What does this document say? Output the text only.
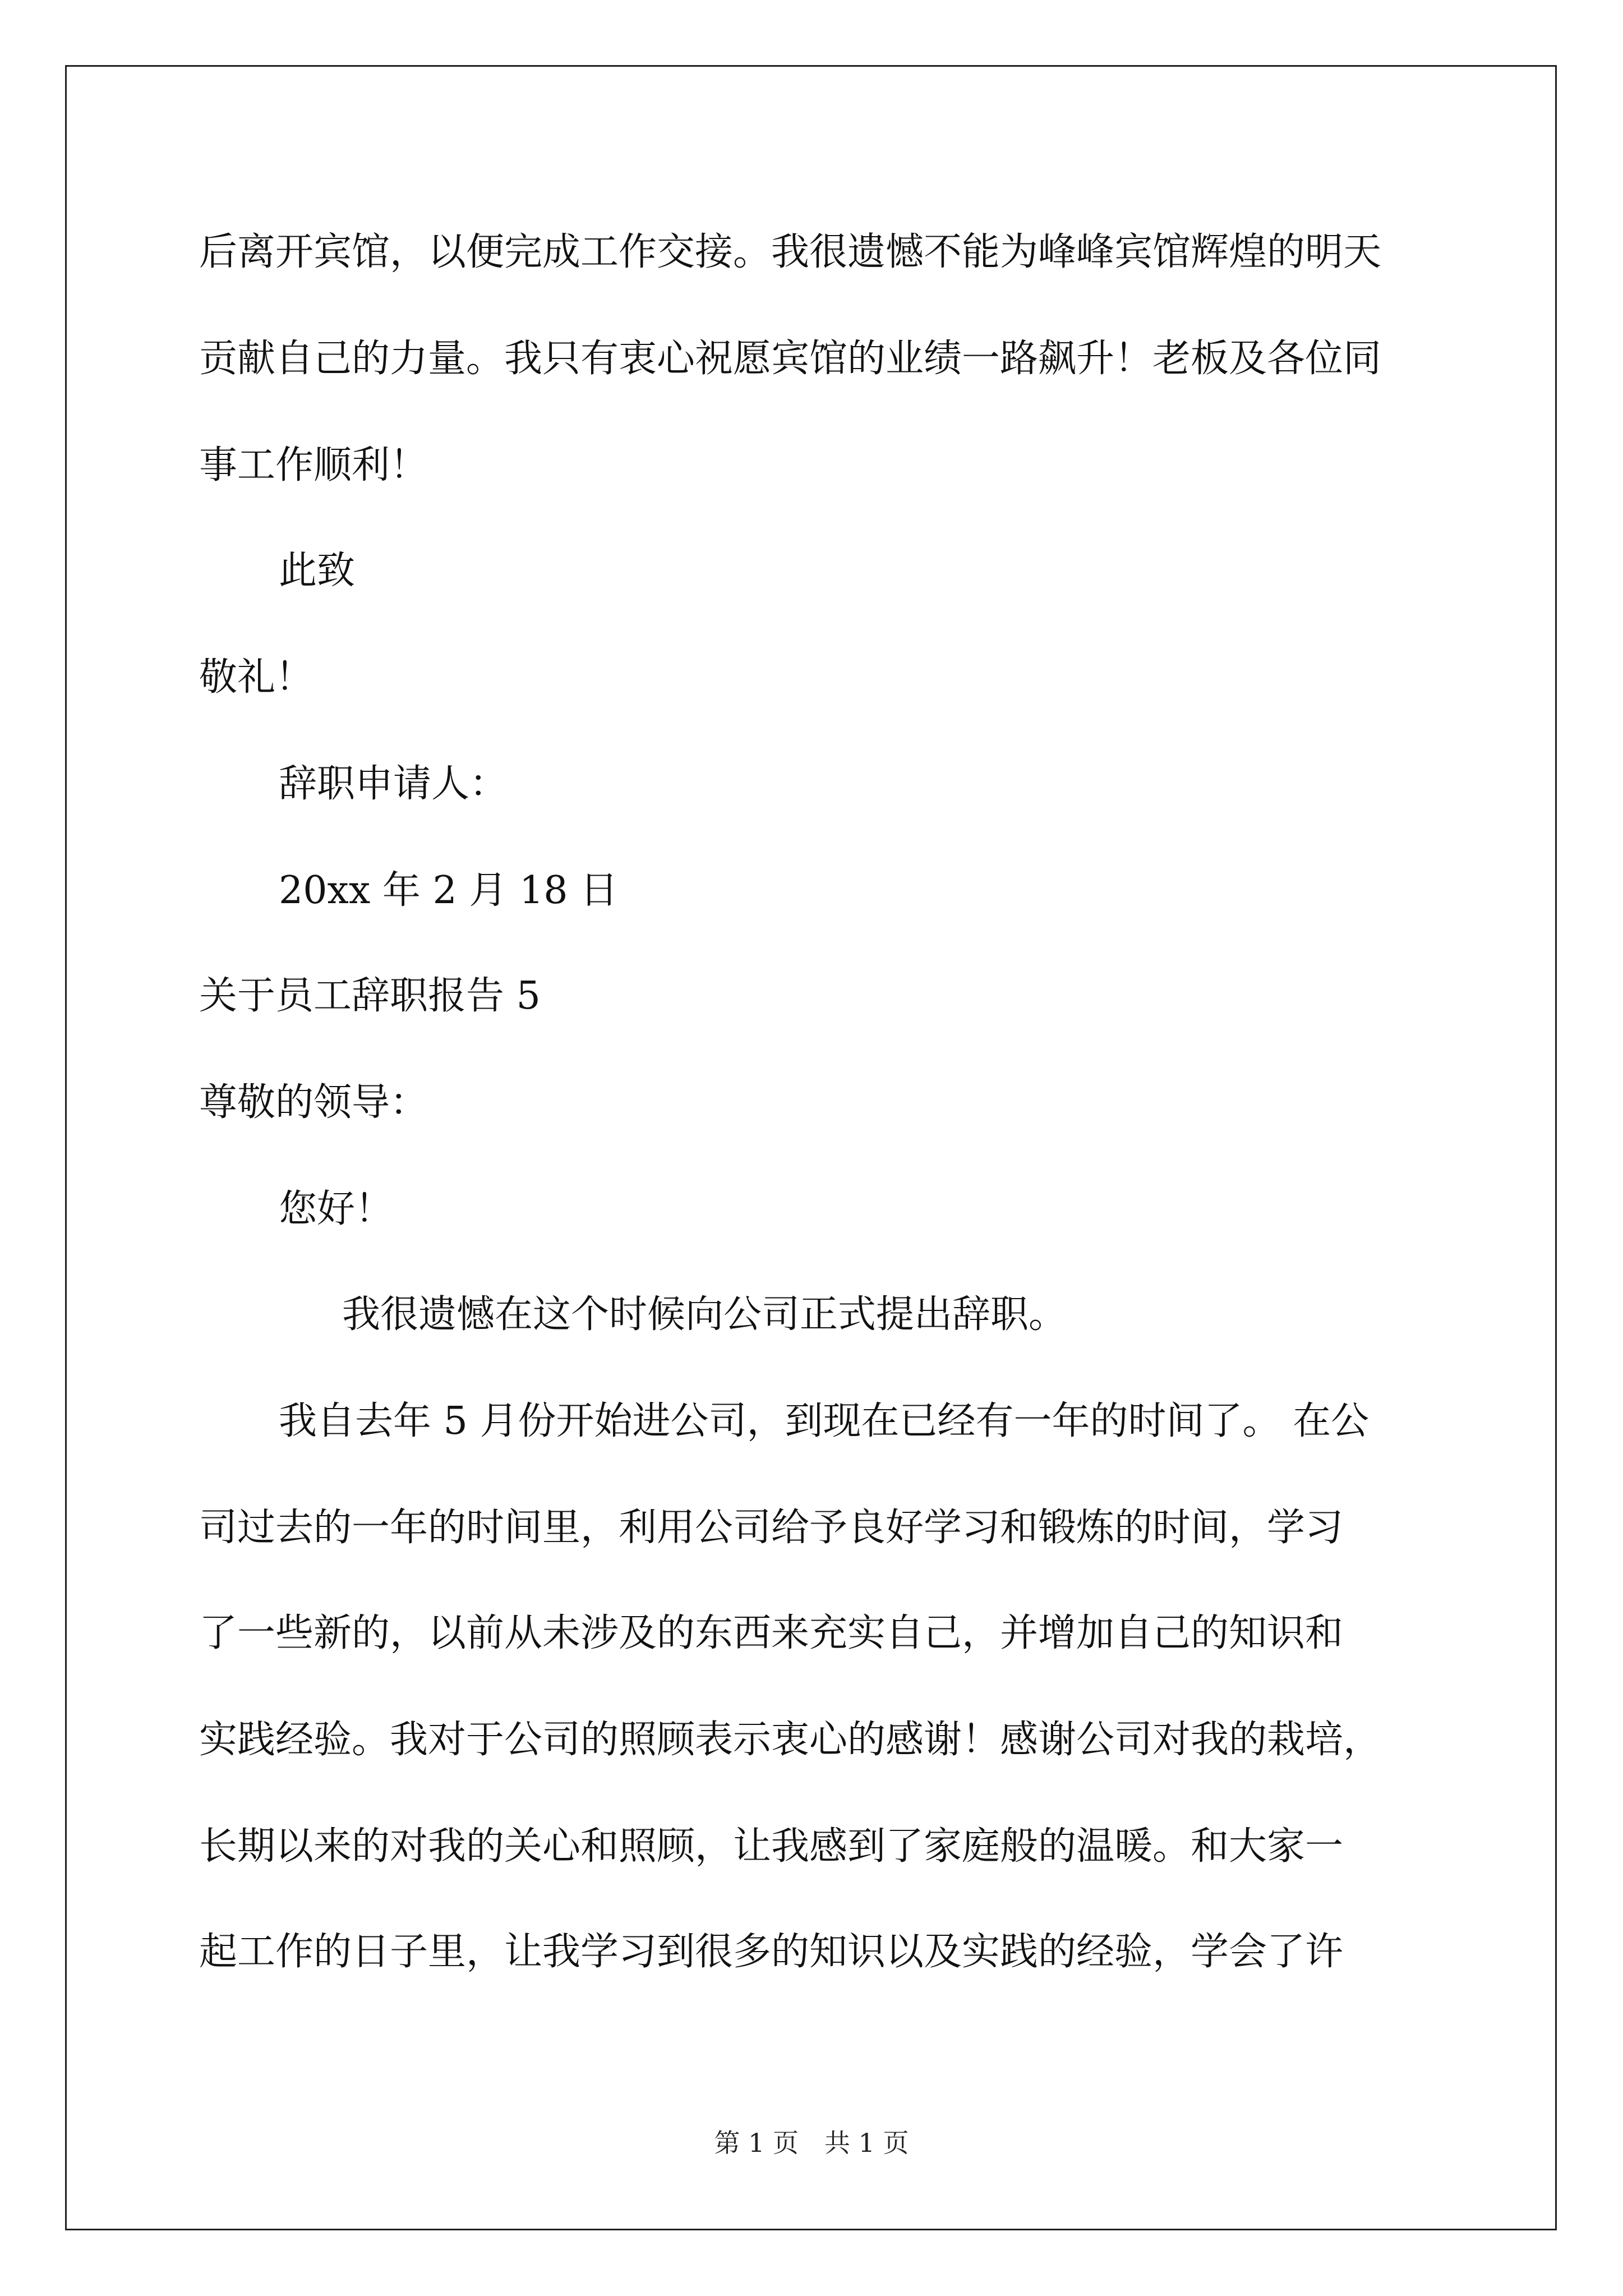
后离开宾馆，以便完成工作交接。我很遗憾不能为峰峰宾馆辉煌的明天
贡献自己的力量。我只有衷心祝愿宾馆的业绩一路飙升！老板及各位同
事工作顺利！
此致
敬礼！
辞职申请人：
20xx 年 2 月 18 日
关于员工辞职报告 5
尊敬的领导：
您好！
我很遗憾在这个时候向公司正式提出辞职。
我自去年 5 月份开始进公司，到现在已经有一年的时间了。 在公
司过去的一年的时间里，利用公司给予良好学习和锻炼的时间，学习
了一些新的，以前从未涉及的东西来充实自己，并增加自己的知识和
实践经验。我对于公司的照顾表示衷心的感谢！感谢公司对我的栽培，
长期以来的对我的关心和照顾，让我感到了家庭般的温暖。和大家一
起工作的日子里，让我学习到很多的知识以及实践的经验，学会了许
第 1 页　共 1 页
